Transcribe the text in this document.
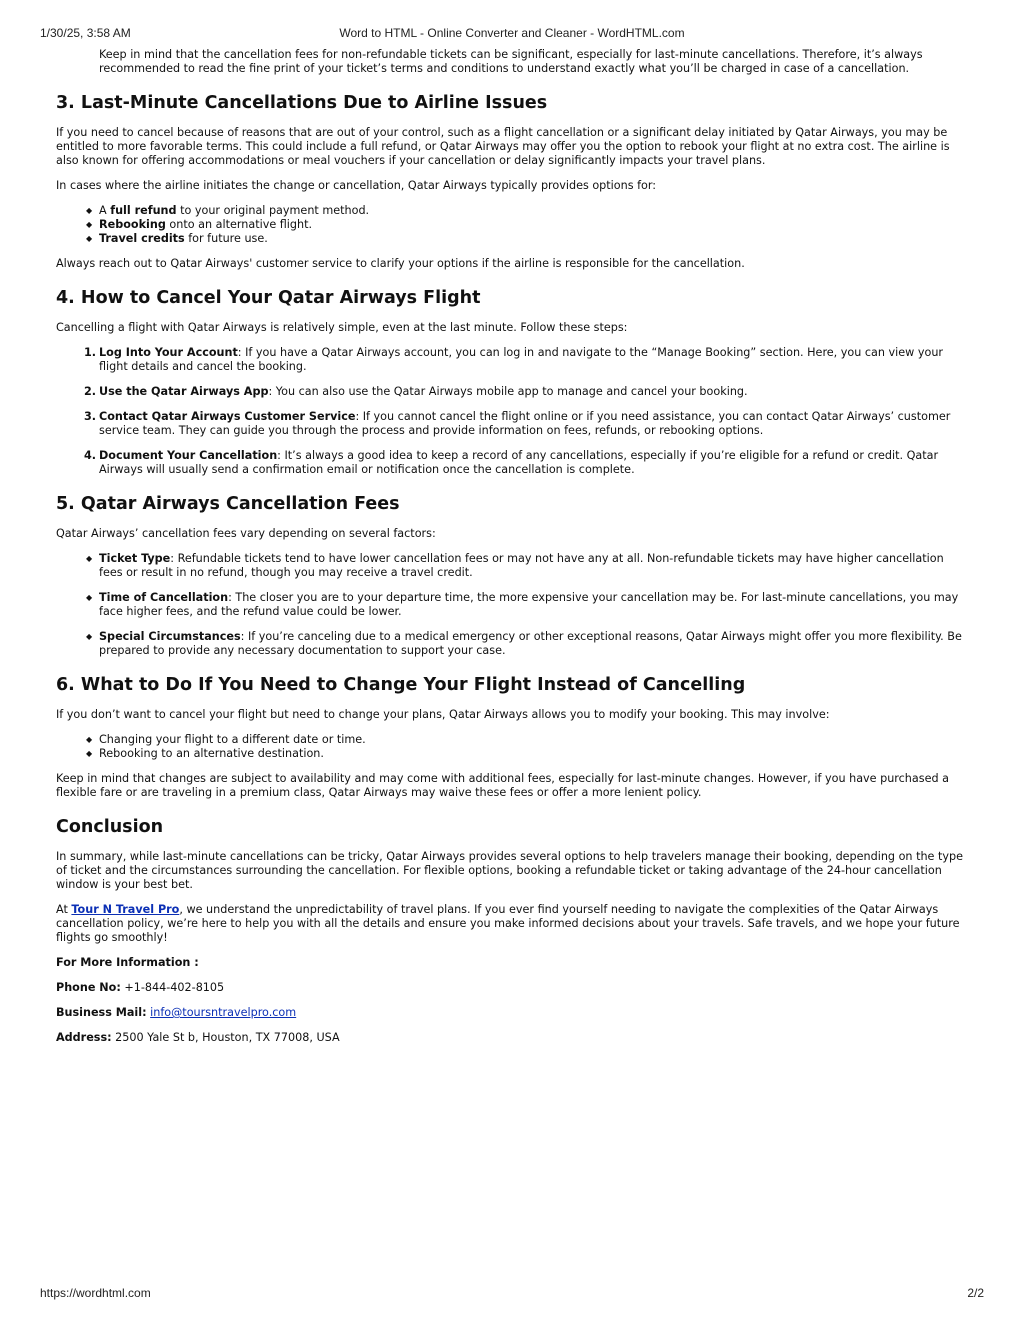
1/30/25, 3:58 AM	Word to HTML - Online Converter and Cleaner - WordHTML.com

Keep in mind that the cancellation fees for non-refundable tickets can be significant, especially for last-minute cancellations. Therefore, it’s always recommended to read the fine print of your ticket’s terms and conditions to understand exactly what you’ll be charged in case of a cancellation.

3. Last-Minute Cancellations Due to Airline Issues

If you need to cancel because of reasons that are out of your control, such as a flight cancellation or a significant delay initiated by Qatar Airways, you may be entitled to more favorable terms. This could include a full refund, or Qatar Airways may offer you the option to rebook your flight at no extra cost. The airline is also known for offering accommodations or meal vouchers if your cancellation or delay significantly impacts your travel plans.

In cases where the airline initiates the change or cancellation, Qatar Airways typically provides options for:

◆ A full refund to your original payment method.
◆ Rebooking onto an alternative flight.
◆ Travel credits for future use.

Always reach out to Qatar Airways' customer service to clarify your options if the airline is responsible for the cancellation.

4. How to Cancel Your Qatar Airways Flight

Cancelling a flight with Qatar Airways is relatively simple, even at the last minute. Follow these steps:

1. Log Into Your Account: If you have a Qatar Airways account, you can log in and navigate to the “Manage Booking” section. Here, you can view your flight details and cancel the booking.
2. Use the Qatar Airways App: You can also use the Qatar Airways mobile app to manage and cancel your booking.
3. Contact Qatar Airways Customer Service: If you cannot cancel the flight online or if you need assistance, you can contact Qatar Airways’ customer service team. They can guide you through the process and provide information on fees, refunds, or rebooking options.
4. Document Your Cancellation: It’s always a good idea to keep a record of any cancellations, especially if you’re eligible for a refund or credit. Qatar Airways will usually send a confirmation email or notification once the cancellation is complete.
5. Qatar Airways Cancellation Fees

Qatar Airways’ cancellation fees vary depending on several factors:

◆ Ticket Type: Refundable tickets tend to have lower cancellation fees or may not have any at all. Non-refundable tickets may have higher cancellation fees or result in no refund, though you may receive a travel credit.
◆ Time of Cancellation: The closer you are to your departure time, the more expensive your cancellation may be. For last-minute cancellations, you may face higher fees, and the refund value could be lower.
◆ Special Circumstances: If you’re canceling due to a medical emergency or other exceptional reasons, Qatar Airways might offer you more flexibility. Be prepared to provide any necessary documentation to support your case.
6. What to Do If You Need to Change Your Flight Instead of Cancelling

If you don’t want to cancel your flight but need to change your plans, Qatar Airways allows you to modify your booking. This may involve:

◆ Changing your flight to a different date or time.
◆ Rebooking to an alternative destination.

Keep in mind that changes are subject to availability and may come with additional fees, especially for last-minute changes. However, if you have purchased a flexible fare or are traveling in a premium class, Qatar Airways may waive these fees or offer a more lenient policy.

Conclusion

In summary, while last-minute cancellations can be tricky, Qatar Airways provides several options to help travelers manage their booking, depending on the type of ticket and the circumstances surrounding the cancellation. For flexible options, booking a refundable ticket or taking advantage of the 24-hour cancellation window is your best bet.

At Tour N Travel Pro, we understand the unpredictability of travel plans. If you ever find yourself needing to navigate the complexities of the Qatar Airways cancellation policy, we’re here to help you with all the details and ensure you make informed decisions about your travels. Safe travels, and we hope your future flights go smoothly!

For More Information :

Phone No: +1-844-402-8105

Business Mail: info@toursntravelpro.com

Address: 2500 Yale St b, Houston, TX 77008, USA

https://wordhtml.com	2/2
